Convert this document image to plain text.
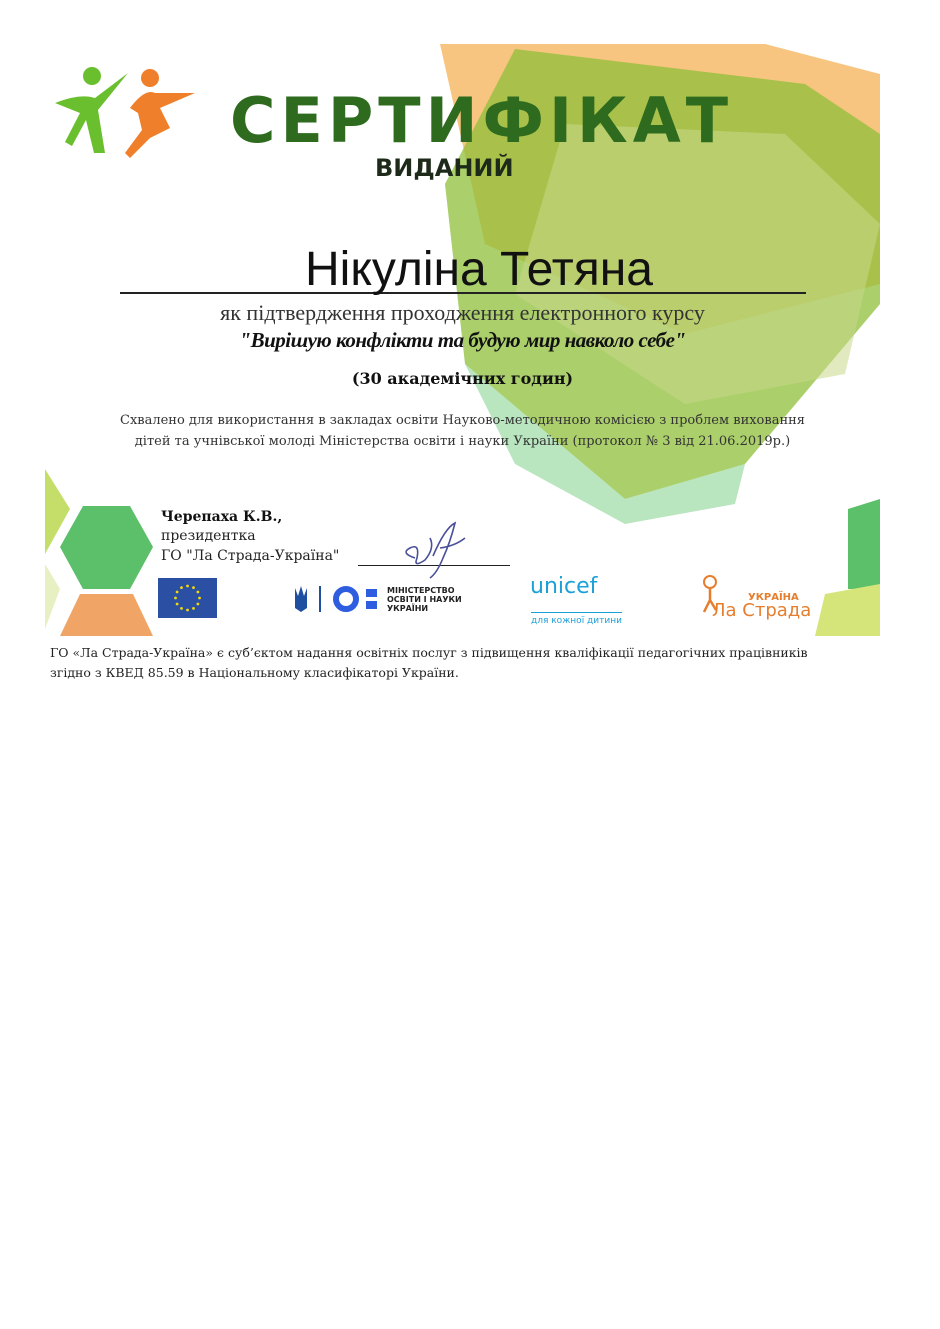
СЕРТИФІКАТ
ВИДАНИЙ
Нікуліна Тетяна
як підтвердження проходження електронного курсу
"Вирішую конфлікти та будую мир навколо себе"
(30 академічних годин)
Схвалено для використання в закладах освіти Науково-методичною комісією з проблем виховання
дітей та учнівської молоді Міністерства освіти і науки України (протокол № 3 від 21.06.2019р.)
Черепаха К.В.,
президентка
ГО "Ла Страда-Україна"
МІНІСТЕРСТВО
ОСВІТИ І НАУКИ
УКРАЇНИ
unicef
для кожної дитини
УКРАЇНА
Ла Страда
ГО «Ла Страда-Україна» є суб’єктом надання освітніх послуг з підвищення кваліфікації педагогічних працівників
згідно з КВЕД 85.59 в Національному класифікаторі України.
